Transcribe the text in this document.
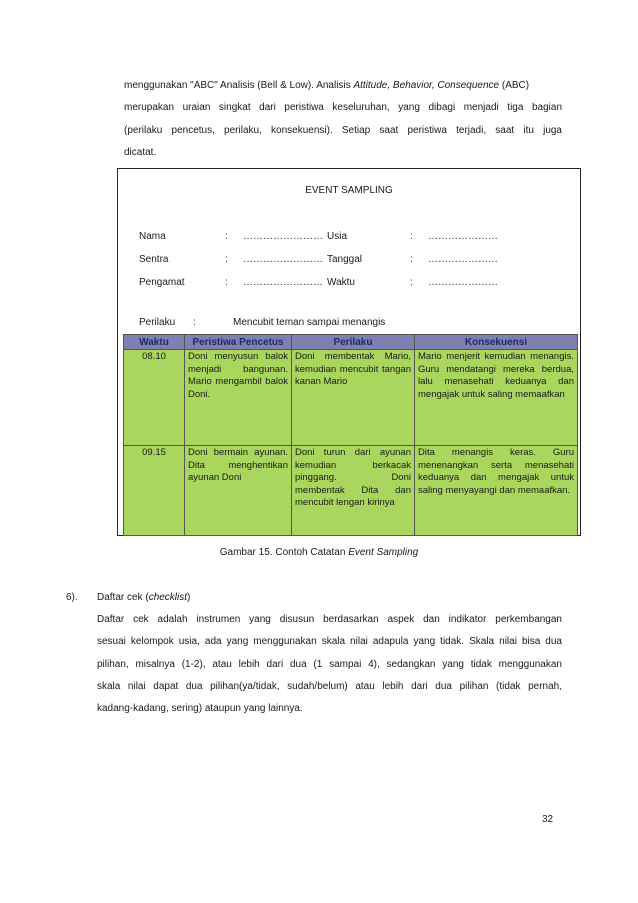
menggunakan "ABC" Analisis (Bell & Low). Analisis Attitude, Behavior, Consequence (ABC)
merupakan uraian singkat dari peristiwa keseluruhan, yang dibagi menjadi tiga bagian
(perilaku pencetus, perilaku, konsekuensi). Setiap saat peristiwa terjadi, saat itu juga
dicatat.
EVENT SAMPLING
Nama	: …………………… Usia	: …………………
Sentra	: …………………… Tanggal	: …………………
Pengamat	: …………………… Waktu	: …………………
Perilaku :	Mencubit teman sampai menangis
Waktu	Peristiwa Pencetus	Perilaku	Konsekuensi
08.10	Doni menyusun balok menjadi bangunan. Mario mengambil balok Doni.	Doni membentak Mario, kemudian mencubit tangan kanan Mario	Mario menjerit kemudian menangis. Guru mendatangi mereka berdua, lalu menasehati keduanya dan mengajak untuk saling memaafkan
09.15	Doni bermain ayunan. Dita menghentikan ayunan Doni	Doni turun dari ayunan kemudian berkacak pinggang. Doni membentak Dita dan mencubit lengan kirinya	Dita menangis keras. Guru menenangkan serta menasehati keduanya dan mengajak untuk saling menyayangi dan memaafkan.
Gambar 15. Contoh Catatan Event Sampling
6). Daftar cek (checklist)
Daftar cek adalah instrumen yang disusun berdasarkan aspek dan indikator perkembangan
sesuai kelompok usia, ada yang menggunakan skala nilai adapula yang tidak. Skala nilai bisa dua
pilihan, misalnya (1-2), atau lebih dari dua (1 sampai 4), sedangkan yang tidak menggunakan
skala nilai dapat dua pilihan(ya/tidak, sudah/belum) atau lebih dari dua pilihan (tidak pernah,
kadang-kadang, sering) ataupun yang lainnya.
32
